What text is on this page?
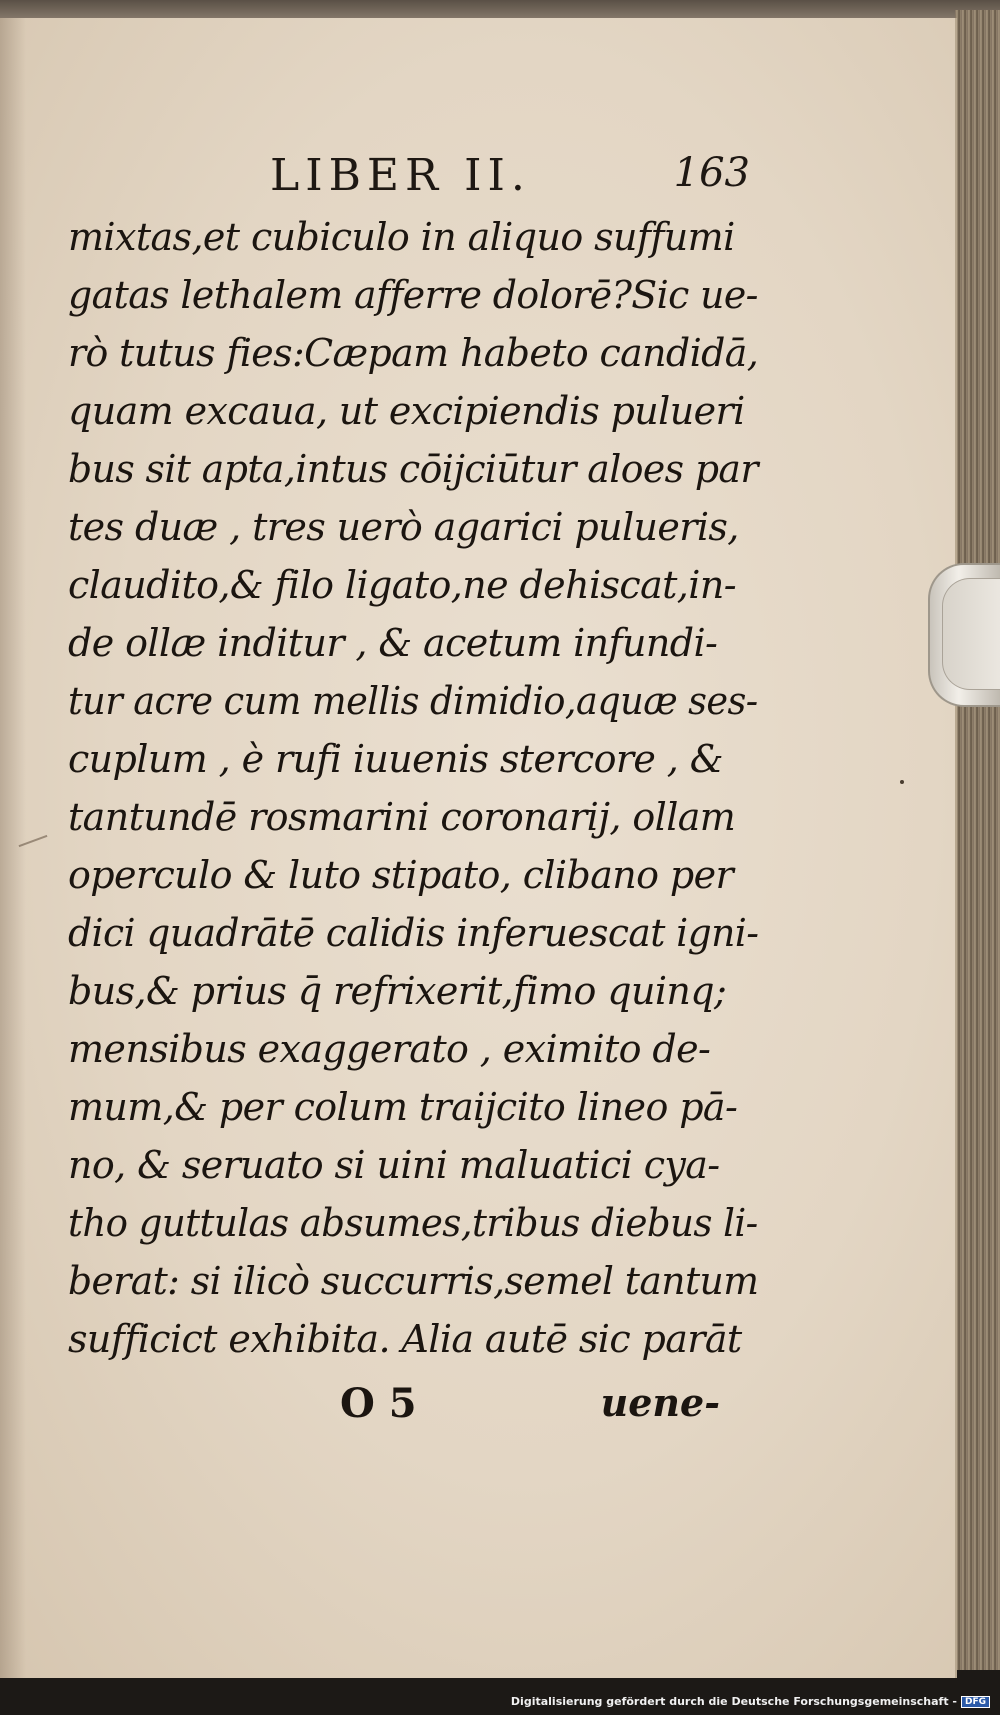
LIBER II.	163
mixtas,et cubiculo in aliquo suffumi
gatas lethalem afferre dolorē?Sic ue-
rò tutus fies:Cæpam habeto candidā,
quam excaua, ut excipiendis pulueri
bus sit apta,intus cōijciūtur aloes par
tes duæ , tres uerò agarici pulueris,
claudito,& filo ligato,ne dehiscat,in-
de ollæ inditur , & acetum infundi-
tur acre cum mellis dimidio,aquæ ses-
cuplum , è rufi iuuenis stercore , &
tantundē rosmarini coronarij, ollam
operculo & luto stipato, clibano per
dici quadrātē calidis inferuescat igni-
bus,& prius q̄ refrixerit,fimo quinq;
mensibus exaggerato , eximito de-
mum,& per colum traijcito lineo pā-
no, & seruato si uini maluatici cya-
tho guttulas absumes,tribus diebus li-
berat: si ilicò succurris,semel tantum
sufficict exhibita. Alia autē sic parāt
O 5	uene-
Digitalisierung gefördert durch die Deutsche Forschungsgemeinschaft - DFG
